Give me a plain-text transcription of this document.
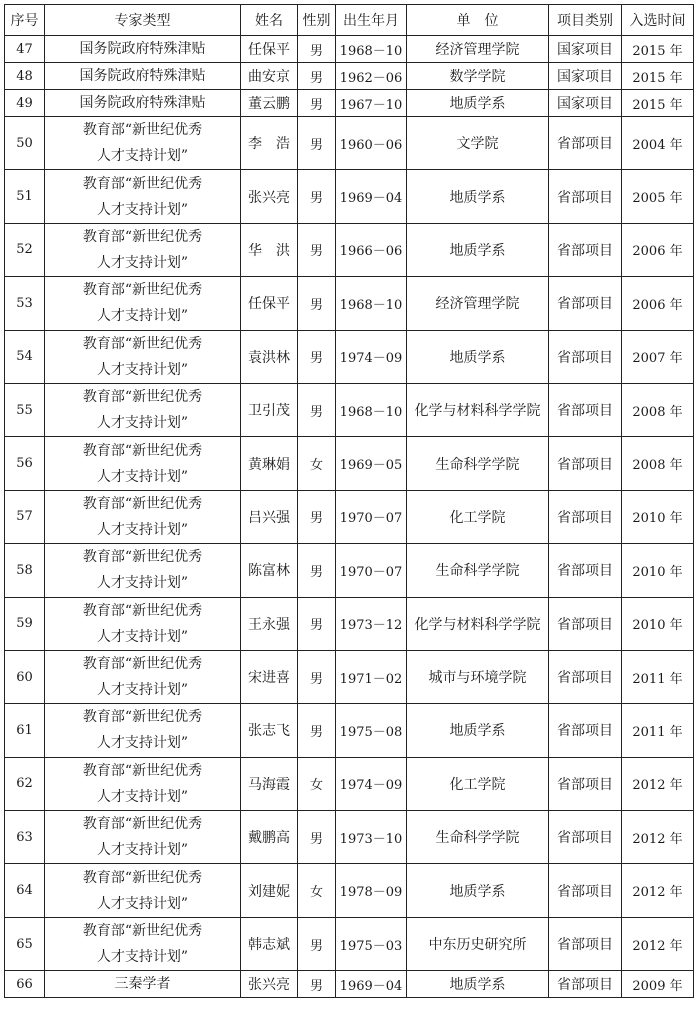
序号	专家类型	姓名	性别	出生年月	单　位	项目类别	入选时间
47	国务院政府特殊津贴	任保平	男	1968－10	经济管理学院	国家项目	2015 年
48	国务院政府特殊津贴	曲安京	男	1962－06	数学学院	国家项目	2015 年
49	国务院政府特殊津贴	董云鹏	男	1967－10	地质学系	国家项目	2015 年
50	教育部“新世纪优秀
人才支持计划”	李　浩	男	1960－06	文学院	省部项目	2004 年
51	教育部“新世纪优秀
人才支持计划”	张兴亮	男	1969－04	地质学系	省部项目	2005 年
52	教育部“新世纪优秀
人才支持计划”	华　洪	男	1966－06	地质学系	省部项目	2006 年
53	教育部“新世纪优秀
人才支持计划”	任保平	男	1968－10	经济管理学院	省部项目	2006 年
54	教育部“新世纪优秀
人才支持计划”	袁洪林	男	1974－09	地质学系	省部项目	2007 年
55	教育部“新世纪优秀
人才支持计划”	卫引茂	男	1968－10	化学与材料科学学院	省部项目	2008 年
56	教育部“新世纪优秀
人才支持计划”	黄琳娟	女	1969－05	生命科学学院	省部项目	2008 年
57	教育部“新世纪优秀
人才支持计划”	吕兴强	男	1970－07	化工学院	省部项目	2010 年
58	教育部“新世纪优秀
人才支持计划”	陈富林	男	1970－07	生命科学学院	省部项目	2010 年
59	教育部“新世纪优秀
人才支持计划”	王永强	男	1973－12	化学与材料科学学院	省部项目	2010 年
60	教育部“新世纪优秀
人才支持计划”	宋进喜	男	1971－02	城市与环境学院	省部项目	2011 年
61	教育部“新世纪优秀
人才支持计划”	张志飞	男	1975－08	地质学系	省部项目	2011 年
62	教育部“新世纪优秀
人才支持计划”	马海霞	女	1974－09	化工学院	省部项目	2012 年
63	教育部“新世纪优秀
人才支持计划”	戴鹏高	男	1973－10	生命科学学院	省部项目	2012 年
64	教育部“新世纪优秀
人才支持计划”	刘建妮	女	1978－09	地质学系	省部项目	2012 年
65	教育部“新世纪优秀
人才支持计划”	韩志斌	男	1975－03	中东历史研究所	省部项目	2012 年
66	三秦学者	张兴亮	男	1969－04	地质学系	省部项目	2009 年
